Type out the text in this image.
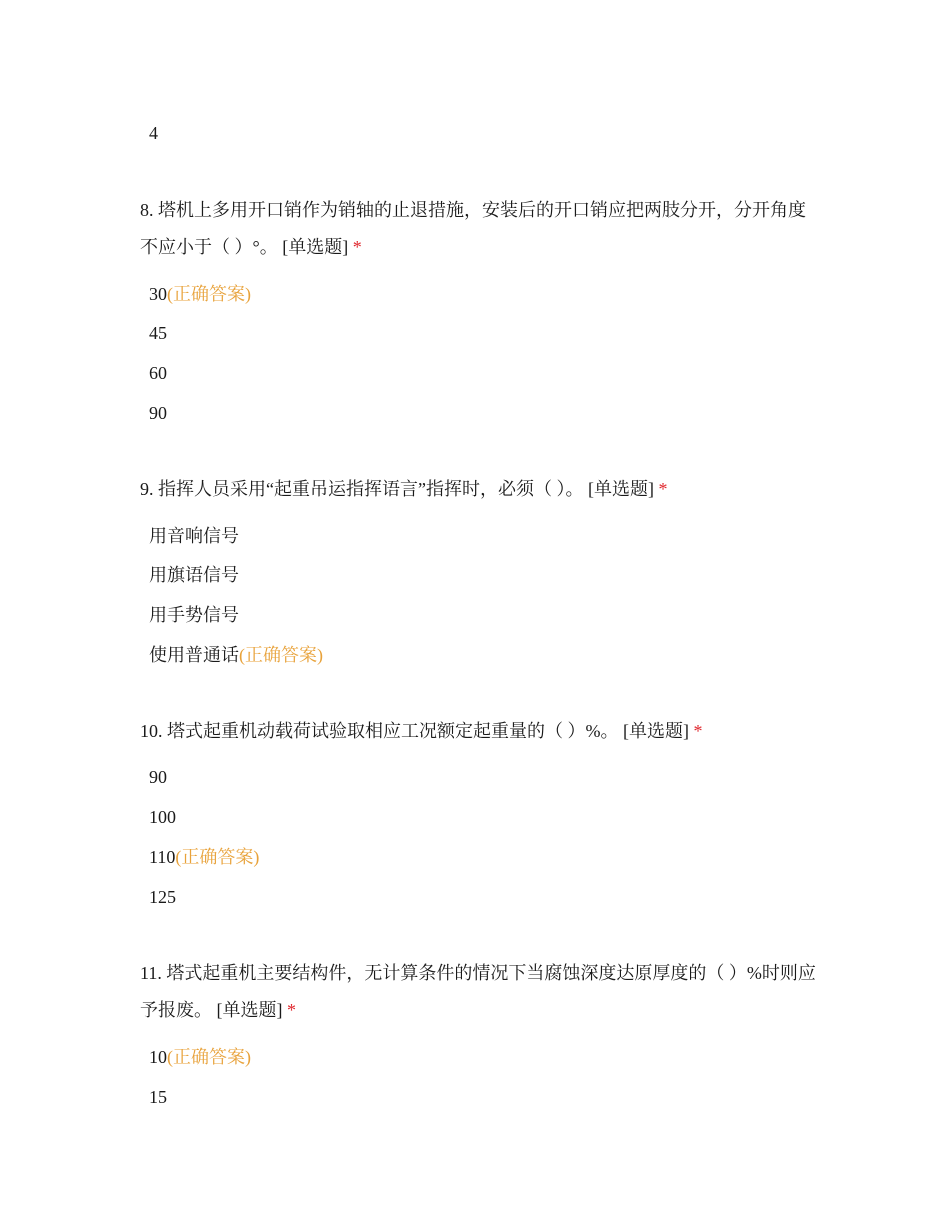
4
8. 塔机上多用开口销作为销轴的止退措施，安装后的开口销应把两肢分开，分开角度不应小于（ ）°。 [单选题] *
30(正确答案)
45
60
90
9. 指挥人员采用“起重吊运指挥语言”指挥时，必须（ ）。 [单选题] *
用音响信号
用旗语信号
用手势信号
使用普通话(正确答案)
10. 塔式起重机动载荷试验取相应工况额定起重量的（ ）%。 [单选题] *
90
100
110(正确答案)
125
11. 塔式起重机主要结构件，无计算条件的情况下当腐蚀深度达原厚度的（ ）%时则应予报废。 [单选题] *
10(正确答案)
15
